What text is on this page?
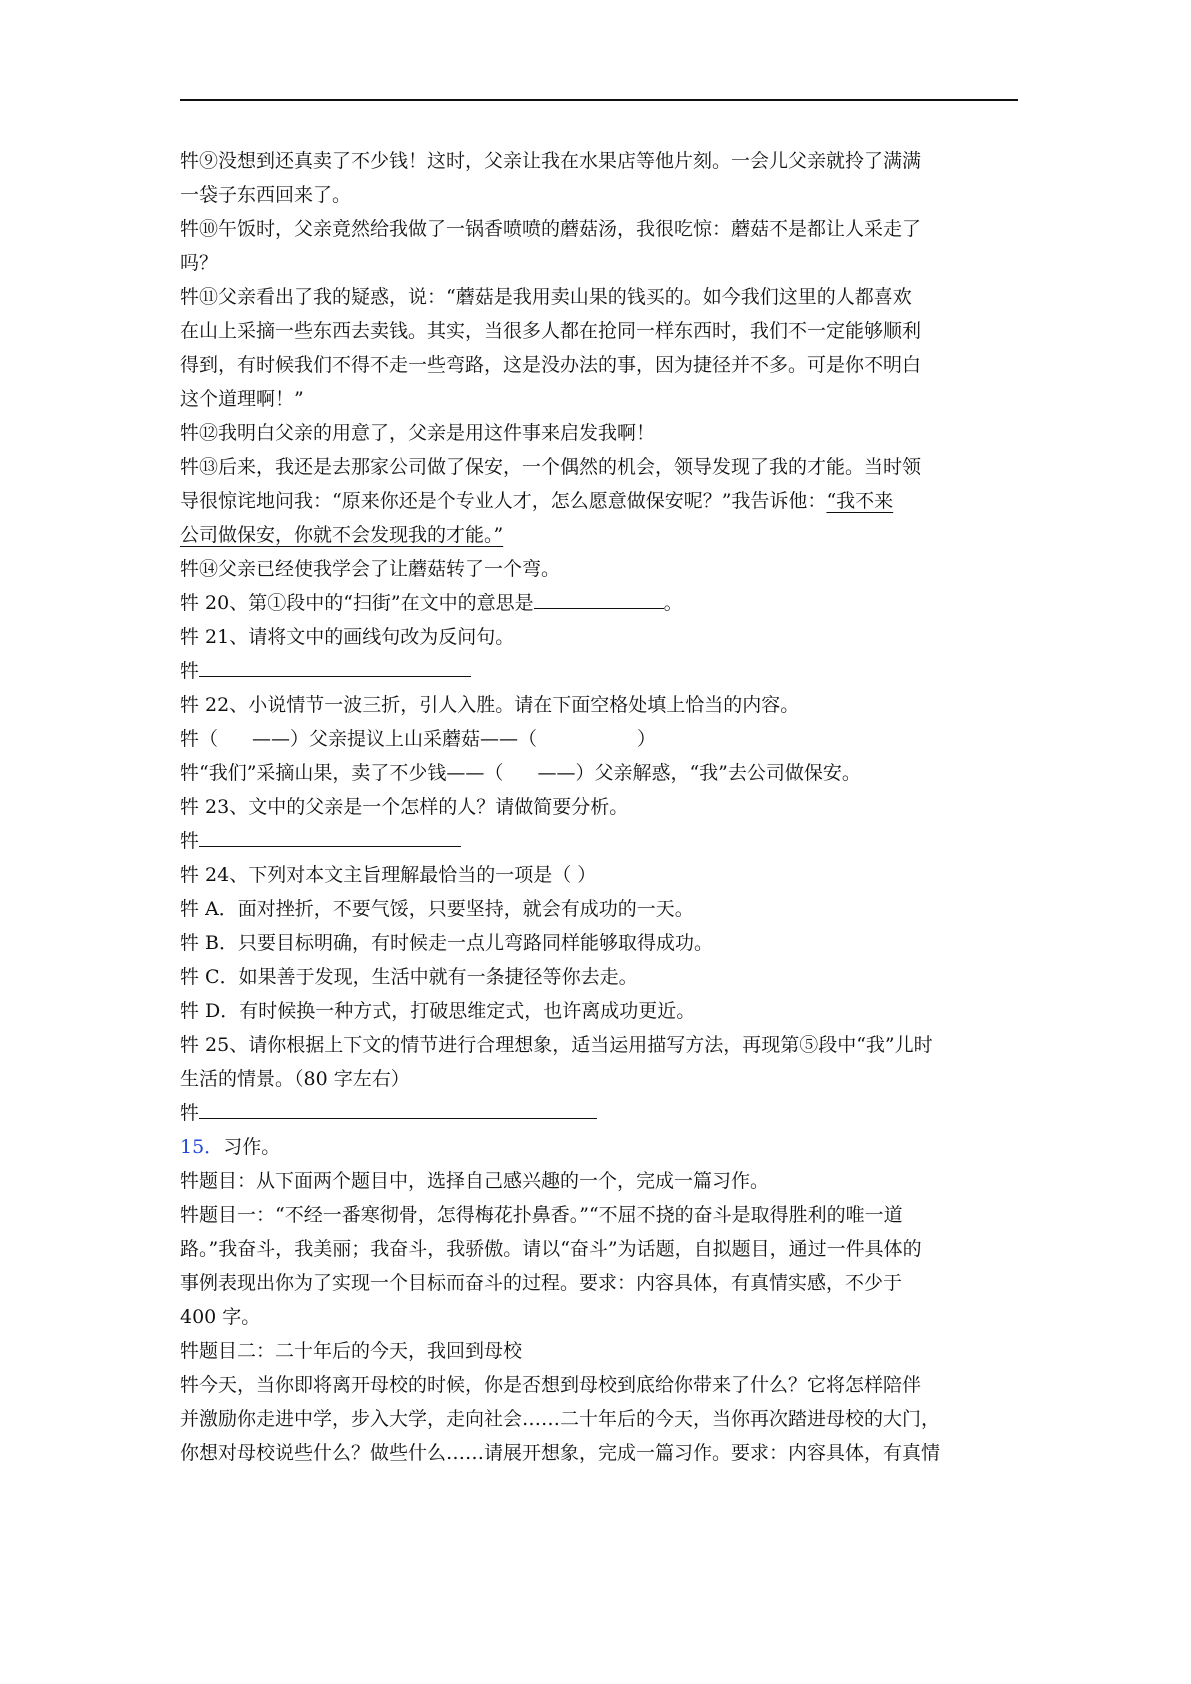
牪⑨没想到还真卖了不少钱！这时，父亲让我在水果店等他片刻。一会儿父亲就拎了满满
一袋子东西回来了。
牪⑩午饭时，父亲竟然给我做了一锅香喷喷的蘑菇汤，我很吃惊：蘑菇不是都让人采走了
吗？
牪⑪父亲看出了我的疑惑，说：“蘑菇是我用卖山果的钱买的。如今我们这里的人都喜欢
在山上采摘一些东西去卖钱。其实，当很多人都在抢同一样东西时，我们不一定能够顺利
得到，有时候我们不得不走一些弯路，这是没办法的事，因为捷径并不多。可是你不明白
这个道理啊！”
牪⑫我明白父亲的用意了，父亲是用这件事来启发我啊！
牪⑬后来，我还是去那家公司做了保安，一个偶然的机会，领导发现了我的才能。当时领
导很惊诧地问我：“原来你还是个专业人才，怎么愿意做保安呢？”我告诉他：“我不来
公司做保安，你就不会发现我的才能。”
牪⑭父亲已经使我学会了让蘑菇转了一个弯。
牪 20、第①段中的“扫街”在文中的意思是	。
牪 21、请将文中的画线句改为反问句。
牪
牪 22、小说情节一波三折，引人入胜。请在下面空格处填上恰当的内容。
牪（ ——）父亲提议上山采蘑菇——（	）
牪“我们”采摘山果，卖了不少钱——（ ——）父亲解惑，“我”去公司做保安。
牪 23、文中的父亲是一个怎样的人？请做简要分析。
牪
牪 24、下列对本文主旨理解最恰当的一项是（ ）
牪 A．面对挫折，不要气馁，只要坚持，就会有成功的一天。
牪 B．只要目标明确，有时候走一点儿弯路同样能够取得成功。
牪 C．如果善于发现，生活中就有一条捷径等你去走。
牪 D．有时候换一种方式，打破思维定式，也许离成功更近。
牪 25、请你根据上下文的情节进行合理想象，适当运用描写方法，再现第⑤段中“我”儿时
生活的情景。（80 字左右）
牪
15．习作。
牪题目：从下面两个题目中，选择自己感兴趣的一个，完成一篇习作。
牪题目一：“不经一番寒彻骨，怎得梅花扑鼻香。”“不屈不挠的奋斗是取得胜利的唯一道
路。”我奋斗，我美丽；我奋斗，我骄傲。请以“奋斗”为话题，自拟题目，通过一件具体的
事例表现出你为了实现一个目标而奋斗的过程。要求：内容具体，有真情实感，不少于
400 字。
牪题目二：二十年后的今天，我回到母校
牪今天，当你即将离开母校的时候，你是否想到母校到底给你带来了什么？它将怎样陪伴
并激励你走进中学，步入大学，走向社会……二十年后的今天，当你再次踏进母校的大门，
你想对母校说些什么？做些什么……请展开想象，完成一篇习作。要求：内容具体，有真情
